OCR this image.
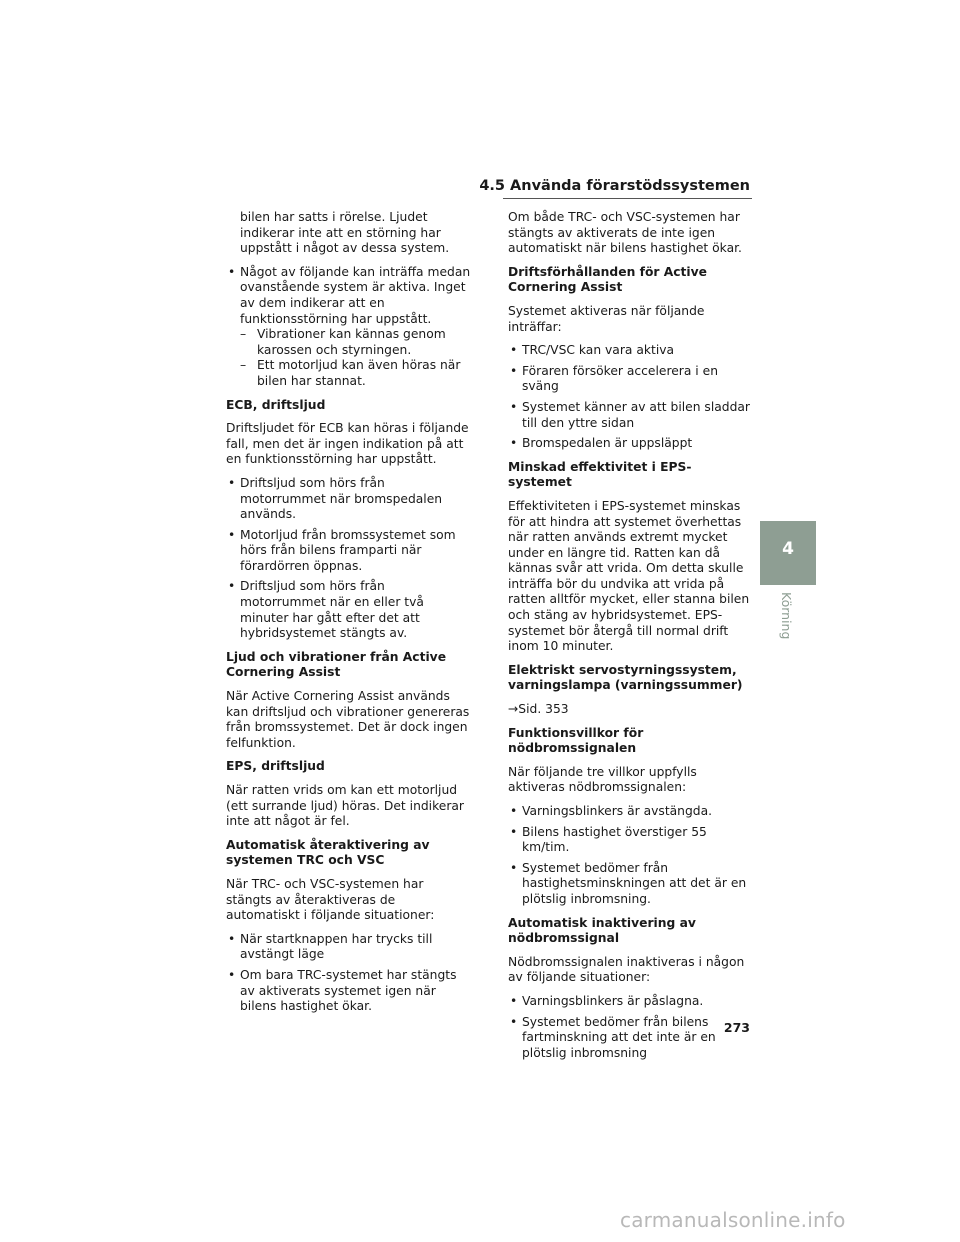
4.5 Använda förarstödssystemen

bilen har satts i rörelse. Ljudet indikerar inte att en störning har uppstått i något av dessa system.

• Något av följande kan inträffa medan ovanstående system är aktiva. Inget av dem indikerar att en funktionsstörning har uppstått.
– Vibrationer kan kännas genom karossen och styrningen.
– Ett motorljud kan även höras när bilen har stannat.
ECB, driftsljud

Driftsljudet för ECB kan höras i följande fall, men det är ingen indikation på att en funktionsstörning har uppstått.

• Driftsljud som hörs från motorrummet när bromspedalen används.
• Motorljud från bromssystemet som hörs från bilens framparti när förardörren öppnas.
• Driftsljud som hörs från motorrummet när en eller två minuter har gått efter det att hybridsystemet stängts av.
Ljud och vibrationer från Active Cornering Assist

När Active Cornering Assist används kan driftsljud och vibrationer genereras från bromssystemet. Det är dock ingen felfunktion.

EPS, driftsljud

När ratten vrids om kan ett motorljud (ett surrande ljud) höras. Det indikerar inte att något är fel.

Automatisk återaktivering av systemen TRC och VSC

När TRC- och VSC-systemen har stängts av återaktiveras de automatiskt i följande situationer:

• När startknappen har trycks till avstängt läge
• Om bara TRC-systemet har stängts av aktiverats systemet igen när bilens hastighet ökar.

Om både TRC- och VSC-systemen har stängts av aktiverats de inte igen automatiskt när bilens hastighet ökar.

Driftsförhållanden för Active Cornering Assist

Systemet aktiveras när följande inträffar:

• TRC/VSC kan vara aktiva
• Föraren försöker accelerera i en sväng
• Systemet känner av att bilen sladdar till den yttre sidan
• Bromspedalen är uppsläppt
Minskad effektivitet i EPS-systemet

Effektiviteten i EPS-systemet minskas för att hindra att systemet överhettas när ratten används extremt mycket under en längre tid. Ratten kan då kännas svår att vrida. Om detta skulle inträffa bör du undvika att vrida på ratten alltför mycket, eller stanna bilen och stäng av hybridsystemet. EPS-systemet bör återgå till normal drift inom 10 minuter.

Elektriskt servostyrningssystem, varningslampa (varningssummer)

→Sid. 353

Funktionsvillkor för nödbromssignalen

När följande tre villkor uppfylls aktiveras nödbromssignalen:

• Varningsblinkers är avstängda.
• Bilens hastighet överstiger 55 km/tim.
• Systemet bedömer från hastighetsminskningen att det är en plötslig inbromsning.
Automatisk inaktivering av nödbromssignal

Nödbromssignalen inaktiveras i någon av följande situationer:

• Varningsblinkers är påslagna.
• Systemet bedömer från bilens fartminskning att det inte är en plötslig inbromsning
4
Körning
273
carmanualsonline.info
